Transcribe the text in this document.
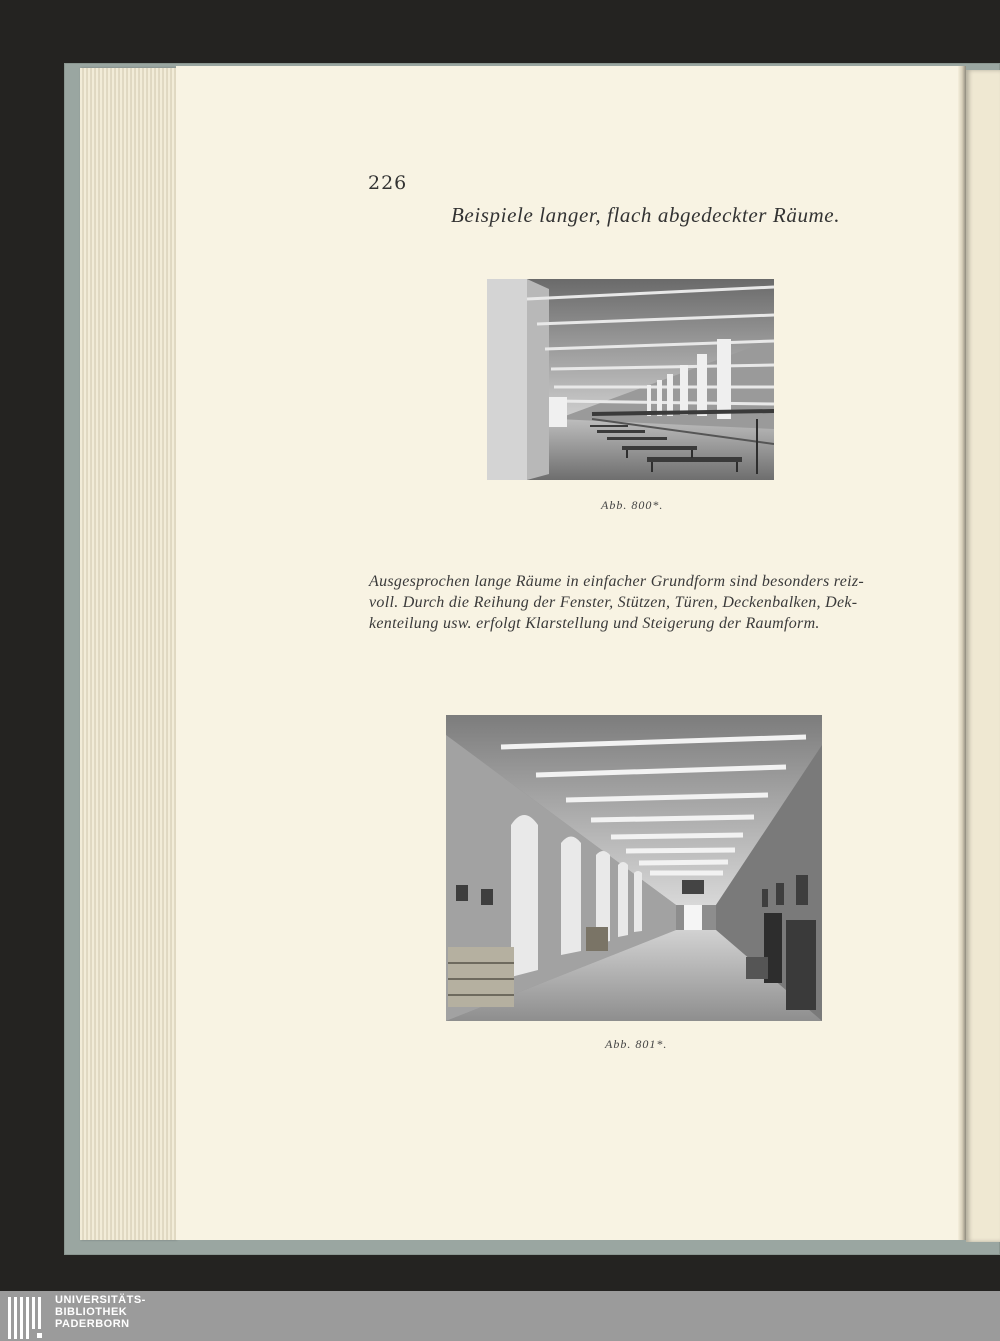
226
Beispiele langer, flach abgedeckter Räume.
Abb. 800*.
Ausgesprochen lange Räume in einfacher Grundform sind besonders reiz-
voll. Durch die Reihung der Fenster, Stützen, Türen, Deckenbalken, Dek-
kenteilung usw. erfolgt Klarstellung und Steigerung der Raumform.
Abb. 801*.
UNIVERSITÄTS-
BIBLIOTHEK
PADERBORN
